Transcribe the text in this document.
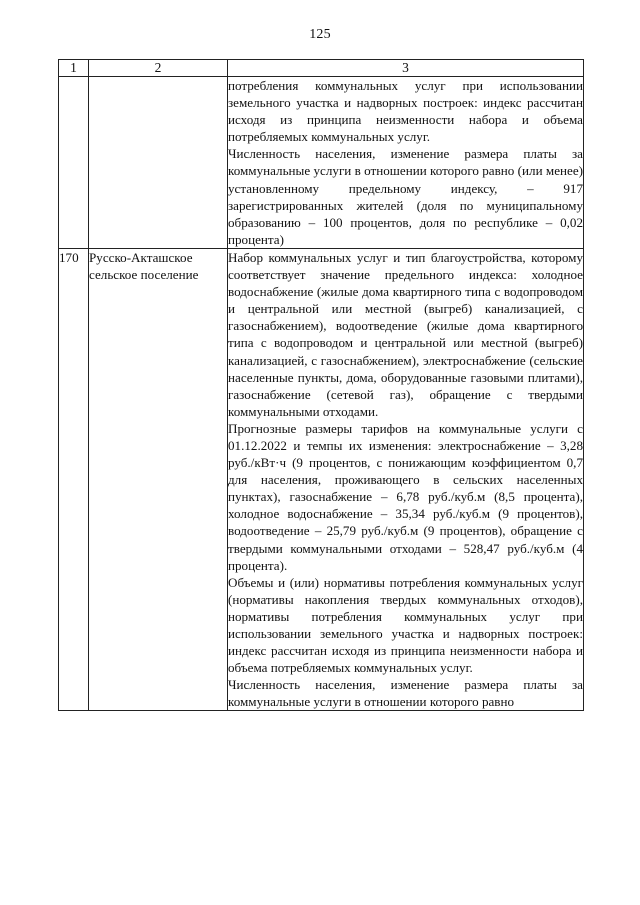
125
1	2	3

		потребления коммунальных услуг при использовании земельного участка и надворных построек: индекс рассчитан исходя из принципа неизменности набора и объема потребляемых коммунальных услуг.
Численность населения, изменение размера платы за коммунальные услуги в отношении которого равно (или менее) установленному предельному индексу, – 917 зарегистрированных жителей (доля по муниципальному образованию – 100 процентов, доля по республике – 0,02 процента)

170	Русско-Акташское сельское поселение	Набор коммунальных услуг и тип благоустройства, которому соответствует значение предельного индекса: холодное водоснабжение (жилые дома квартирного типа с водопроводом и центральной или местной (выгреб) канализацией, с газоснабжением), водоотведение (жилые дома квартирного типа с водопроводом и центральной или местной (выгреб) канализацией, с газоснабжением), электроснабжение (сельские населенные пункты, дома, оборудованные газовыми плитами), газоснабжение (сетевой газ), обращение с твердыми коммунальными отходами.
Прогнозные размеры тарифов на коммунальные услуги с 01.12.2022 и темпы их изменения: электроснабжение – 3,28 руб./кВт·ч (9 процентов, с понижающим коэффициентом 0,7 для населения, проживающего в сельских населенных пунктах), газоснабжение – 6,78 руб./куб.м (8,5 процента), холодное водоснабжение – 35,34 руб./куб.м (9 процентов), водоотведение – 25,79 руб./куб.м (9 процентов), обращение с твердыми коммунальными отходами – 528,47 руб./куб.м (4 процента).
Объемы и (или) нормативы потребления коммунальных услуг (нормативы накопления твердых коммунальных отходов), нормативы потребления коммунальных услуг при использовании земельного участка и надворных построек: индекс рассчитан исходя из принципа неизменности набора и объема потребляемых коммунальных услуг.
Численность населения, изменение размера платы за коммунальные услуги в отношении которого равно
